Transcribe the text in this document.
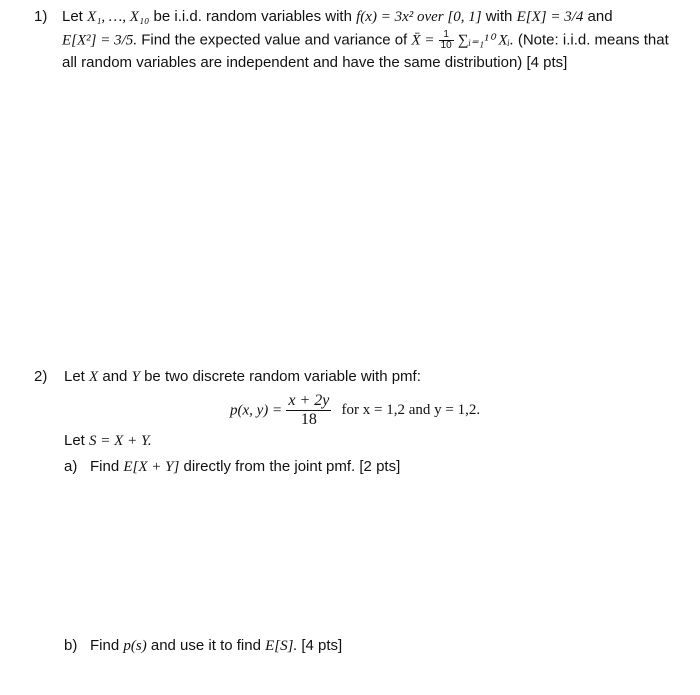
1) Let X₁, …, X₁₀ be i.i.d. random variables with f(x) = 3x² over [0, 1] with E[X] = 3/4 and
E[X²] = 3/5. Find the expected value and variance of X̄ = $\frac{1}{10}$ ∑ᵢ₌₁¹⁰ Xᵢ. (Note: i.i.d. means that
all random variables are independent and have the same distribution) [4 pts]
2) Let X and Y be two discrete random variable with pmf:
p(x, $y) = \frac{x + 2y}{18}$ for x = 1,2 and y = 1,2.
Let S = X + Y.
a) Find E[X + Y] directly from the joint pmf. [2 pts]
b) Find p(s) and use it to find E[S]. [4 pts]
